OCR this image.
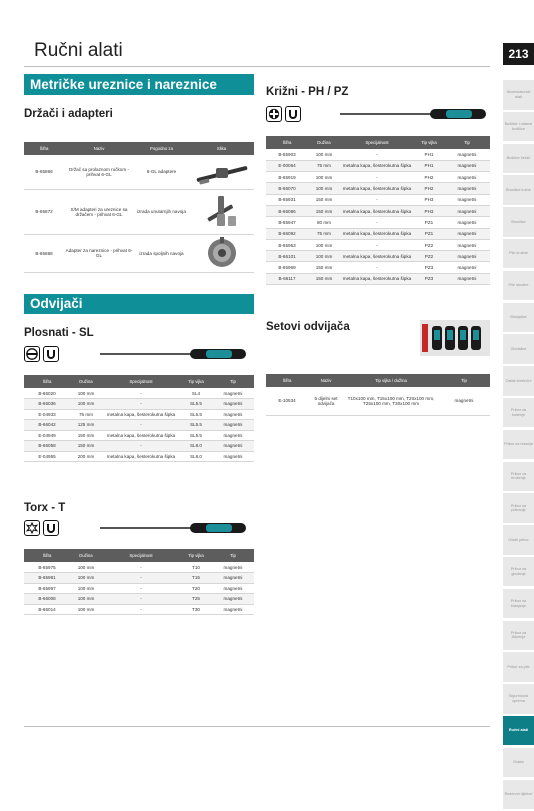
Ručni alati	213
Akumulatorski alati
Bušilice i udarne bušilice
Bušilice čekići
Brusilice kutne
Brusilice
Pile kružne
Pile ubodne
Blanjalice
Glodalice
Ostali električni
Pribor za bušenje
Pribor za rezanje
Pribor za brušenje
Pribor za poliranje
Ostali pribor
Pribor za glodanje
Pribor za blanjanje
Pribor za čišćenje
Pribor za pile
Sigurnosna oprema
Ručni alati
Ostalo
Rezervni dijelovi
Metričke ureznice i nareznice
Držači i adapteri
Šifra	Naziv	Pogodno za	Slika
B-65866	Držač sa prolaznom ručkom - prihvat 6-GL	6-GL adaptere	
B-65872	S/M adapteri za ureznice sa držačem - prihvat 6-GL	izrada unutarnjih navoja	
B-65888	Adapter za nareznice - prihvat 6-GL	izrada spoljnih navoja	
Odvijači
Plosnati - SL
Šifra	Dužina	Specijalnost	Tip vijka	Tip
B-66020	100 mm	-	SL4	magnetni
B-66036	100 mm	-	SL5.5	magnetni
E-04933	75 mm	metalna kapa, šesterokutna šipka	SL5.5	magnetni
B-66042	125 mm	-	SL5.5	magnetni
E-04949	150 mm	metalna kapa, šesterokutna šipka	SL5.5	magnetni
B-66058	150 mm	-	SL8.0	magnetni
E-04955	200 mm	metalna kapa, šesterokutna šipka	SL8.0	magnetni
Torx - T
Šifra	Dužina	Specijalnost	Tip vijka	Tip
B-65975	100 mm	-	T10	magnetni
B-65981	100 mm	-	T15	magnetni
B-65997	100 mm	-	T20	magnetni
B-66008	100 mm	-	T25	magnetni
B-66014	100 mm	-	T30	magnetni
Križni - PH / PZ
Šifra	Dužina	Specijalnost	Tip vijka	Tip
B-65903	100 mm	-	PH1	magnetni
E-00064	75 mm	metalna kapa, šesterokutna šipka	PH1	magnetni
B-65919	100 mm	-	PH2	magnetni
B-66070	100 mm	metalna kapa, šesterokutna šipka	PH2	magnetni
B-65931	150 mm	-	PH3	magnetni
B-66086	150 mm	metalna kapa, šesterokutna šipka	PH3	magnetni
B-65947	80 mm	-	PZ1	magnetni
B-66092	75 mm	metalna kapa, šesterokutna šipka	PZ1	magnetni
B-65953	100 mm	-	PZ2	magnetni
B-66101	100 mm	metalna kapa, šesterokutna šipka	PZ2	magnetni
B-65969	150 mm	-	PZ3	magnetni
B-66117	150 mm	metalna kapa, šesterokutna šipka	PZ3	magnetni
Setovi odvijača
Šifra	Naziv	Tip vijka / dužina	Tip
E-10534	5 dijelni set odvijača	T10x100 mm, T15x100 mm, T20x100 mm, T25x100 mm, T30x100 mm	magnetni
